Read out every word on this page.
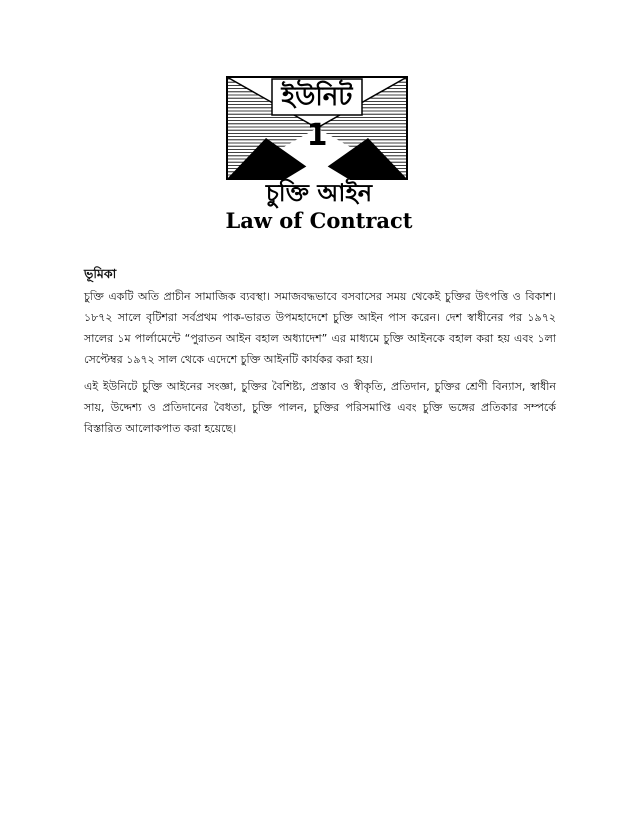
ইউনিট
1
চুক্তি আইন
Law of Contract
ভূমিকা

চুক্তি একটি অতি প্রাচীন সামাজিক ব্যবস্থা। সমাজবদ্ধভাবে বসবাসের সময় থেকেই চুক্তির উৎপত্তি ও বিকাশ। ১৮৭২ সালে বৃটিশরা সর্বপ্রথম পাক-ভারত উপমহাদেশে চুক্তি আইন পাস করেন। দেশ স্বাধীনের পর ১৯৭২ সালের ১ম পার্লামেন্টে “পুরাতন আইন বহাল অধ্যাদেশ” এর মাধ্যমে চুক্তি আইনকে বহাল করা হয় এবং ১লা সেপ্টেম্বর ১৯৭২ সাল থেকে এদেশে চুক্তি আইনটি কার্যকর করা হয়।

এই ইউনিটে চুক্তি আইনের সংজ্ঞা, চুক্তির বৈশিষ্ট্য, প্রস্তাব ও স্বীকৃতি, প্রতিদান, চুক্তির শ্রেণী বিন্যাস, স্বাধীন সায়, উদ্দেশ্য ও প্রতিদানের বৈধতা, চুক্তি পালন, চুক্তির পরিসমাপ্তি এবং চুক্তি ভঙ্গের প্রতিকার সম্পর্কে বিস্তারিত আলোকপাত করা হয়েছে।
